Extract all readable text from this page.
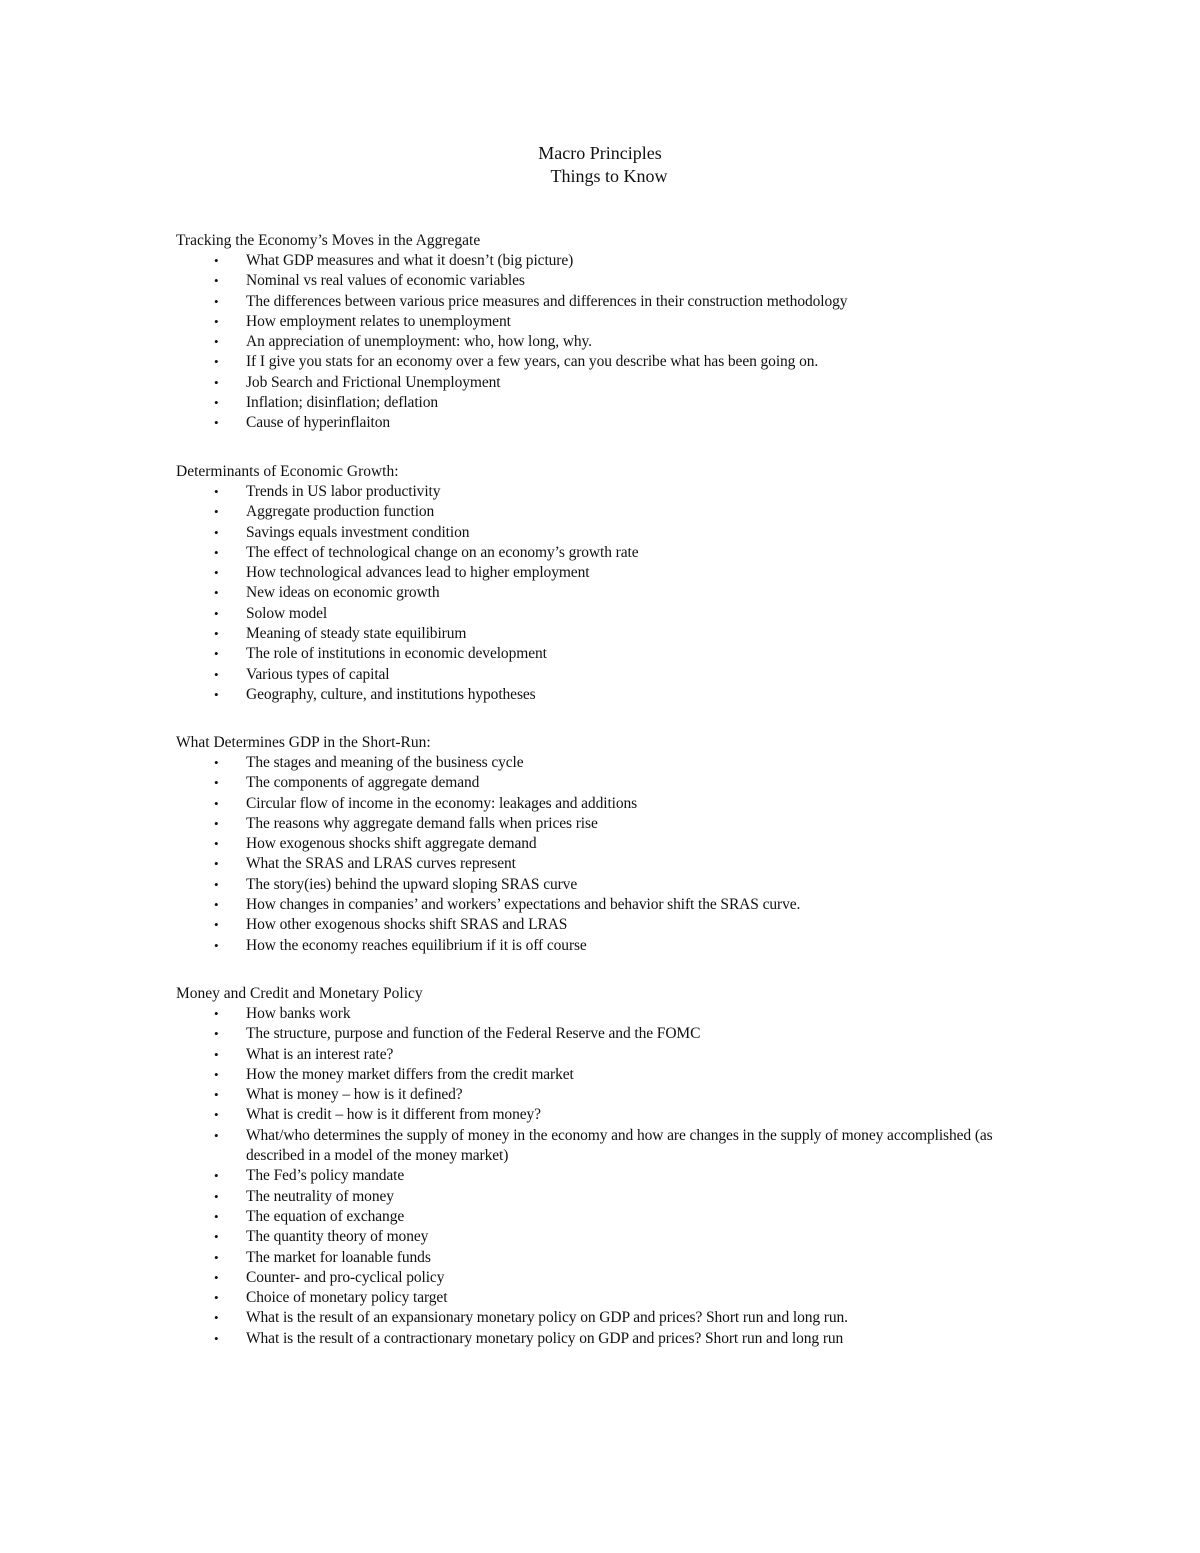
Macro Principles
Things to Know
Tracking the Economy’s Moves in the Aggregate
• What GDP measures and what it doesn’t (big picture)
• Nominal vs real values of economic variables
• The differences between various price measures and differences in their construction methodology
• How employment relates to unemployment
• An appreciation of unemployment: who, how long, why.
• If I give you stats for an economy over a few years, can you describe what has been going on.
• Job Search and Frictional Unemployment
• Inflation; disinflation; deflation
• Cause of hyperinflaiton
Determinants of Economic Growth:
• Trends in US labor productivity
• Aggregate production function
• Savings equals investment condition
• The effect of technological change on an economy’s growth rate
• How technological advances lead to higher employment
• New ideas on economic growth
• Solow model
• Meaning of steady state equilibirum
• The role of institutions in economic development
• Various types of capital
• Geography, culture, and institutions hypotheses
What Determines GDP in the Short-Run:
• The stages and meaning of the business cycle
• The components of aggregate demand
• Circular flow of income in the economy: leakages and additions
• The reasons why aggregate demand falls when prices rise
• How exogenous shocks shift aggregate demand
• What the SRAS and LRAS curves represent
• The story(ies) behind the upward sloping SRAS curve
• How changes in companies’ and workers’ expectations and behavior shift the SRAS curve.
• How other exogenous shocks shift SRAS and LRAS
• How the economy reaches equilibrium if it is off course
Money and Credit and Monetary Policy
• How banks work
• The structure, purpose and function of the Federal Reserve and the FOMC
• What is an interest rate?
• How the money market differs from the credit market
• What is money – how is it defined?
• What is credit – how is it different from money?
• What/who determines the supply of money in the economy and how are changes in the supply of money accomplished (as described in a model of the money market)
• The Fed’s policy mandate
• The neutrality of money
• The equation of exchange
• The quantity theory of money
• The market for loanable funds
• Counter- and pro-cyclical policy
• Choice of monetary policy target
• What is the result of an expansionary monetary policy on GDP and prices? Short run and long run.
• What is the result of a contractionary monetary policy on GDP and prices? Short run and long run
